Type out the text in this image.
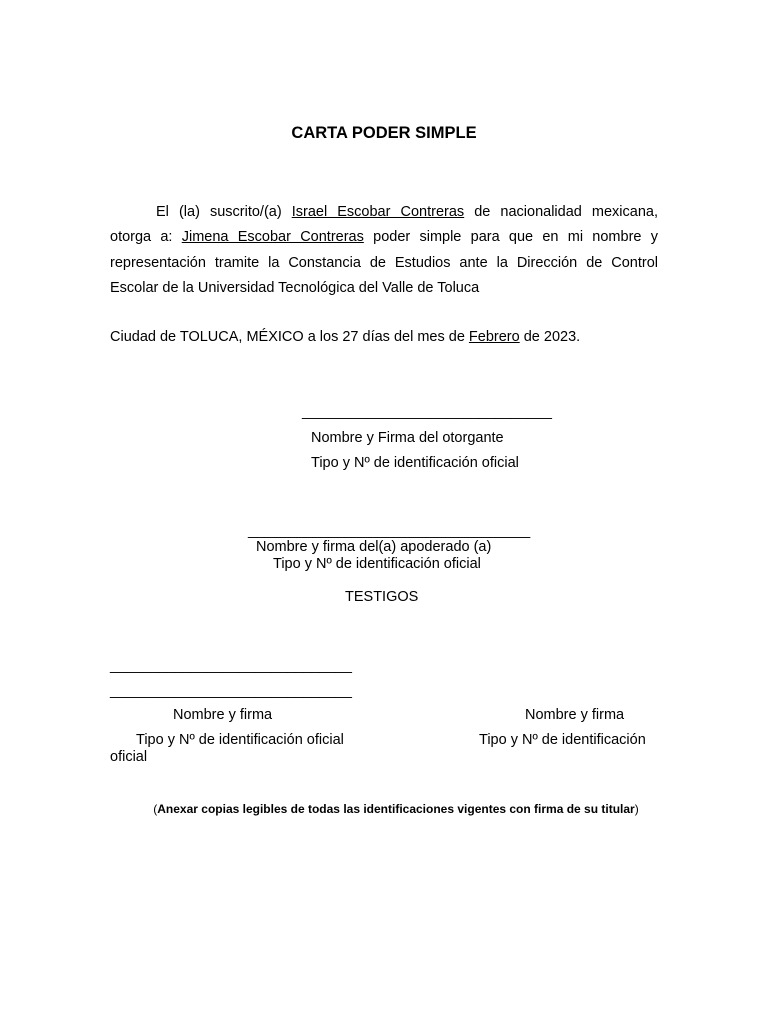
CARTA PODER SIMPLE
El (la) suscrito/(a) Israel Escobar Contreras de nacionalidad mexicana,
otorga a: Jimena Escobar Contreras poder simple para que en mi nombre y
representación tramite la Constancia de Estudios ante la Dirección de Control
Escolar de la Universidad Tecnológica del Valle de Toluca
Ciudad de TOLUCA, MÉXICO a los 27 días del mes de Febrero de 2023.
_______________________________
Nombre y Firma del otorgante
Tipo y Nº de identificación oficial
___________________________________
Nombre y firma del(a) apoderado (a)
Tipo y Nº de identificación oficial
TESTIGOS
______________________________
______________________________
Nombre y firma	Nombre y firma
Tipo y Nº de identificación oficial	Tipo y Nº de identificación
oficial
(Anexar copias legibles de todas las identificaciones vigentes con firma de su titular)
